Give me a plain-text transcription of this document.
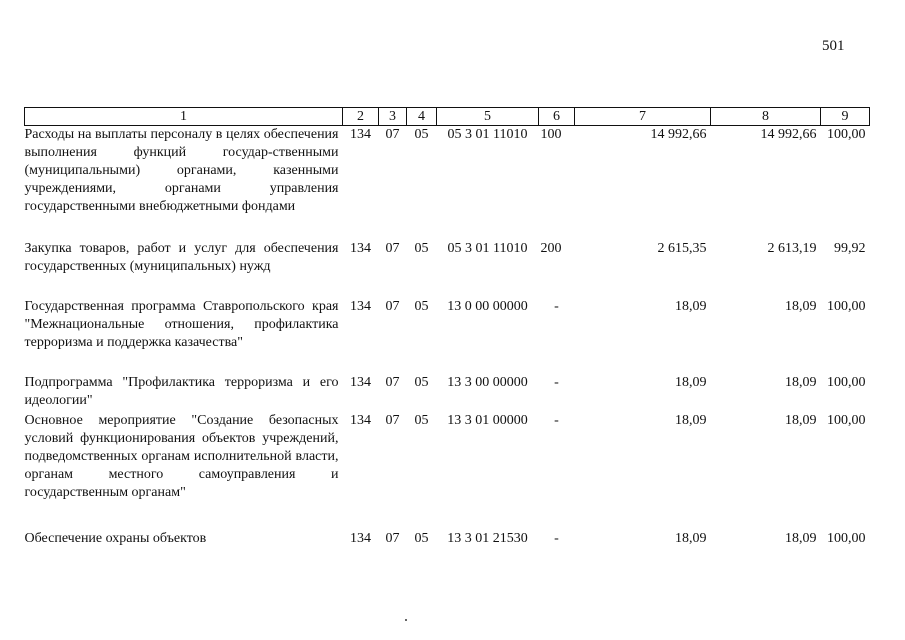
501
1	2	3	4	5	6	7	8	9
Расходы на выплаты персоналу в целях обеспечения выполнения функций государ-ственными (муниципальными) органами, казенными учреждениями, органами управления государственными внебюджетными фондами	134	07	05	05 3 01 11010	100	14 992,66	14 992,66	100,00
Закупка товаров, работ и услуг для обеспечения государственных (муниципальных) нужд	134	07	05	05 3 01 11010	200	2 615,35	2 613,19	99,92
Государственная программа Ставропольского края "Межнациональные отношения, профилактика терроризма и поддержка казачества"	134	07	05	13 0 00 00000	-	18,09	18,09	100,00
Подпрограмма "Профилактика терроризма и его идеологии"	134	07	05	13 3 00 00000	-	18,09	18,09	100,00
Основное мероприятие "Создание безопасных условий функционирования объектов учреждений, подведомственных органам исполнительной власти, органам местного самоуправления и государственным органам"	134	07	05	13 3 01 00000	-	18,09	18,09	100,00
Обеспечение охраны объектов	134	07	05	13 3 01 21530	-	18,09	18,09	100,00
